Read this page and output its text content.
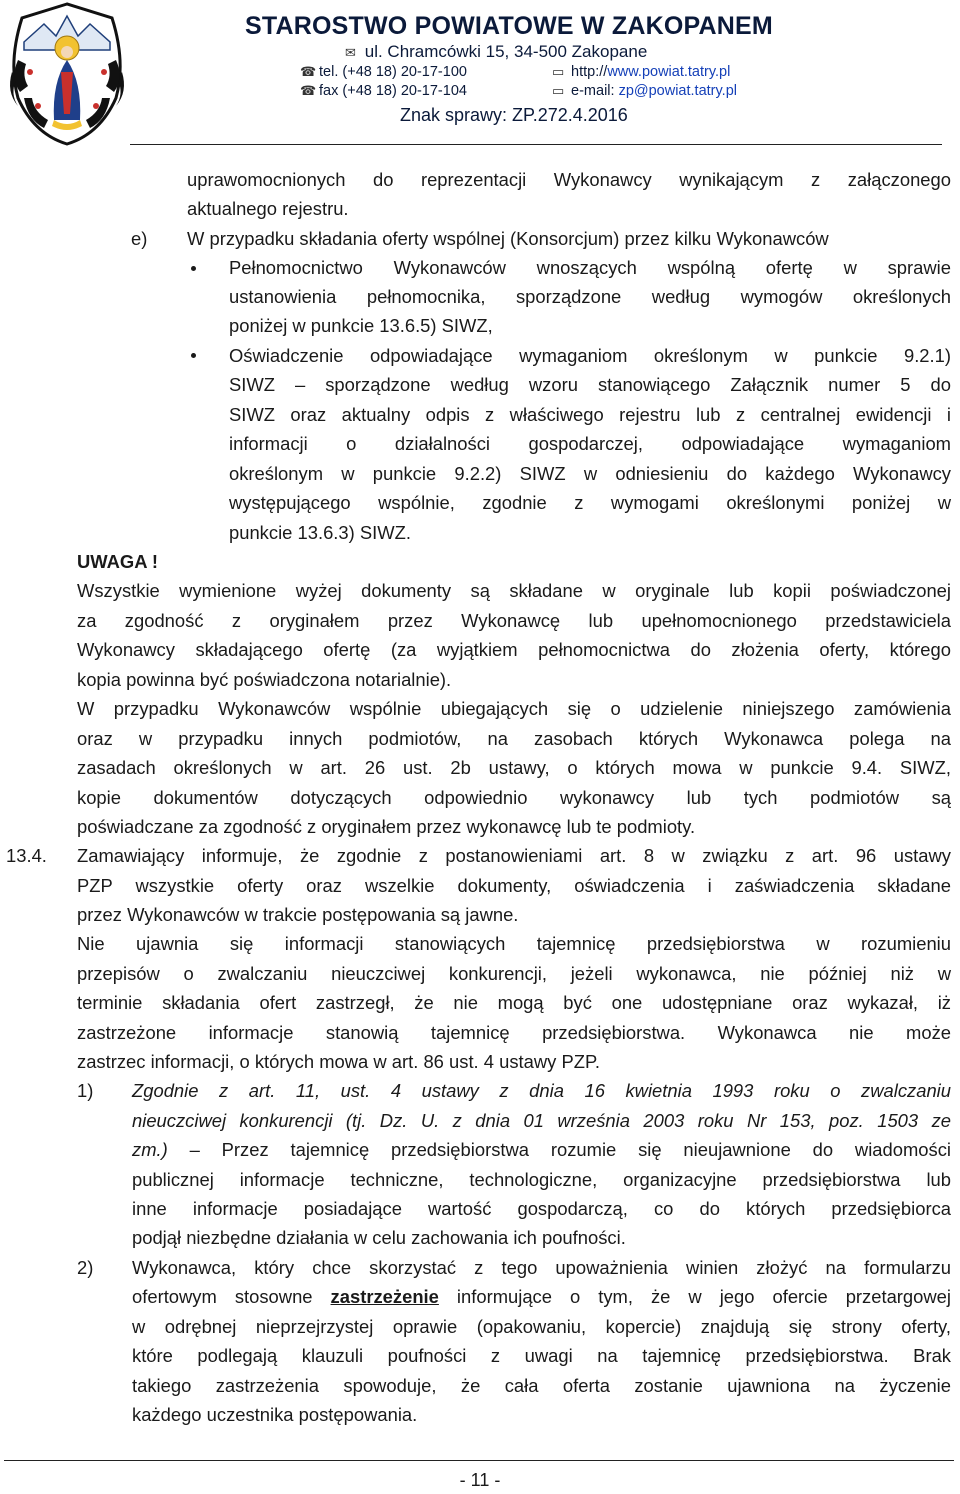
STAROSTWO POWIATOWE W ZAKOPANEM
✉ ul. Chramcówki 15, 34-500 Zakopane
☎ tel. (+48 18) 20-17-100
☎ fax (+48 18) 20-17-104
▭ http://www.powiat.tatry.pl
▭ e-mail: zp@powiat.tatry.pl
Znak sprawy: ZP.272.4.2016
uprawomocnionych do reprezentacji Wykonawcy wynikającym z załączonego
aktualnego rejestru.
e) W przypadku składania oferty wspólnej (Konsorcjum) przez kilku Wykonawców
Pełnomocnictwo Wykonawców wnoszących wspólną ofertę w sprawie
ustanowienia pełnomocnika, sporządzone według wymogów określonych
poniżej w punkcie 13.6.5) SIWZ,
Oświadczenie odpowiadające wymaganiom określonym w punkcie 9.2.1)
SIWZ – sporządzone według wzoru stanowiącego Załącznik numer 5 do
SIWZ oraz aktualny odpis z właściwego rejestru lub z centralnej ewidencji i
informacji o działalności gospodarczej, odpowiadające wymaganiom
określonym w punkcie 9.2.2) SIWZ w odniesieniu do każdego Wykonawcy
występującego wspólnie, zgodnie z wymogami określonymi poniżej w
punkcie 13.6.3) SIWZ.
UWAGA !
Wszystkie wymienione wyżej dokumenty są składane w oryginale lub kopii poświadczonej
za zgodność z oryginałem przez Wykonawcę lub upełnomocnionego przedstawiciela
Wykonawcy składającego ofertę (za wyjątkiem pełnomocnictwa do złożenia oferty, którego
kopia powinna być poświadczona notarialnie).
W przypadku Wykonawców wspólnie ubiegających się o udzielenie niniejszego zamówienia
oraz w przypadku innych podmiotów, na zasobach których Wykonawca polega na
zasadach określonych w art. 26 ust. 2b ustawy, o których mowa w punkcie 9.4. SIWZ,
kopie dokumentów dotyczących odpowiednio wykonawcy lub tych podmiotów są
poświadczane za zgodność z oryginałem przez wykonawcę lub te podmioty.
13.4. Zamawiający informuje, że zgodnie z postanowieniami art. 8 w związku z art. 96 ustawy
PZP wszystkie oferty oraz wszelkie dokumenty, oświadczenia i zaświadczenia składane
przez Wykonawców w trakcie postępowania są jawne.
Nie ujawnia się informacji stanowiących tajemnicę przedsiębiorstwa w rozumieniu
przepisów o zwalczaniu nieuczciwej konkurencji, jeżeli wykonawca, nie później niż w
terminie składania ofert zastrzegł, że nie mogą być one udostępniane oraz wykazał, iż
zastrzeżone informacje stanowią tajemnicę przedsiębiorstwa. Wykonawca nie może
zastrzec informacji, o których mowa w art. 86 ust. 4 ustawy PZP.
1) Zgodnie z art. 11, ust. 4 ustawy z dnia 16 kwietnia 1993 roku o zwalczaniu
nieuczciwej konkurencji (tj. Dz. U. z dnia 01 września 2003 roku Nr 153, poz. 1503 ze
zm.) – Przez tajemnicę przedsiębiorstwa rozumie się nieujawnione do wiadomości
publicznej informacje techniczne, technologiczne, organizacyjne przedsiębiorstwa lub
inne informacje posiadające wartość gospodarczą, co do których przedsiębiorca
podjął niezbędne działania w celu zachowania ich poufności.
2) Wykonawca, który chce skorzystać z tego upoważnienia winien złożyć na formularzu
ofertowym stosowne zastrzeżenie informujące o tym, że w jego ofercie przetargowej
w odrębnej nieprzejrzystej oprawie (opakowaniu, kopercie) znajdują się strony oferty,
które podlegają klauzuli poufności z uwagi na tajemnicę przedsiębiorstwa. Brak
takiego zastrzeżenia spowoduje, że cała oferta zostanie ujawniona na życzenie
każdego uczestnika postępowania.
- 11 -
